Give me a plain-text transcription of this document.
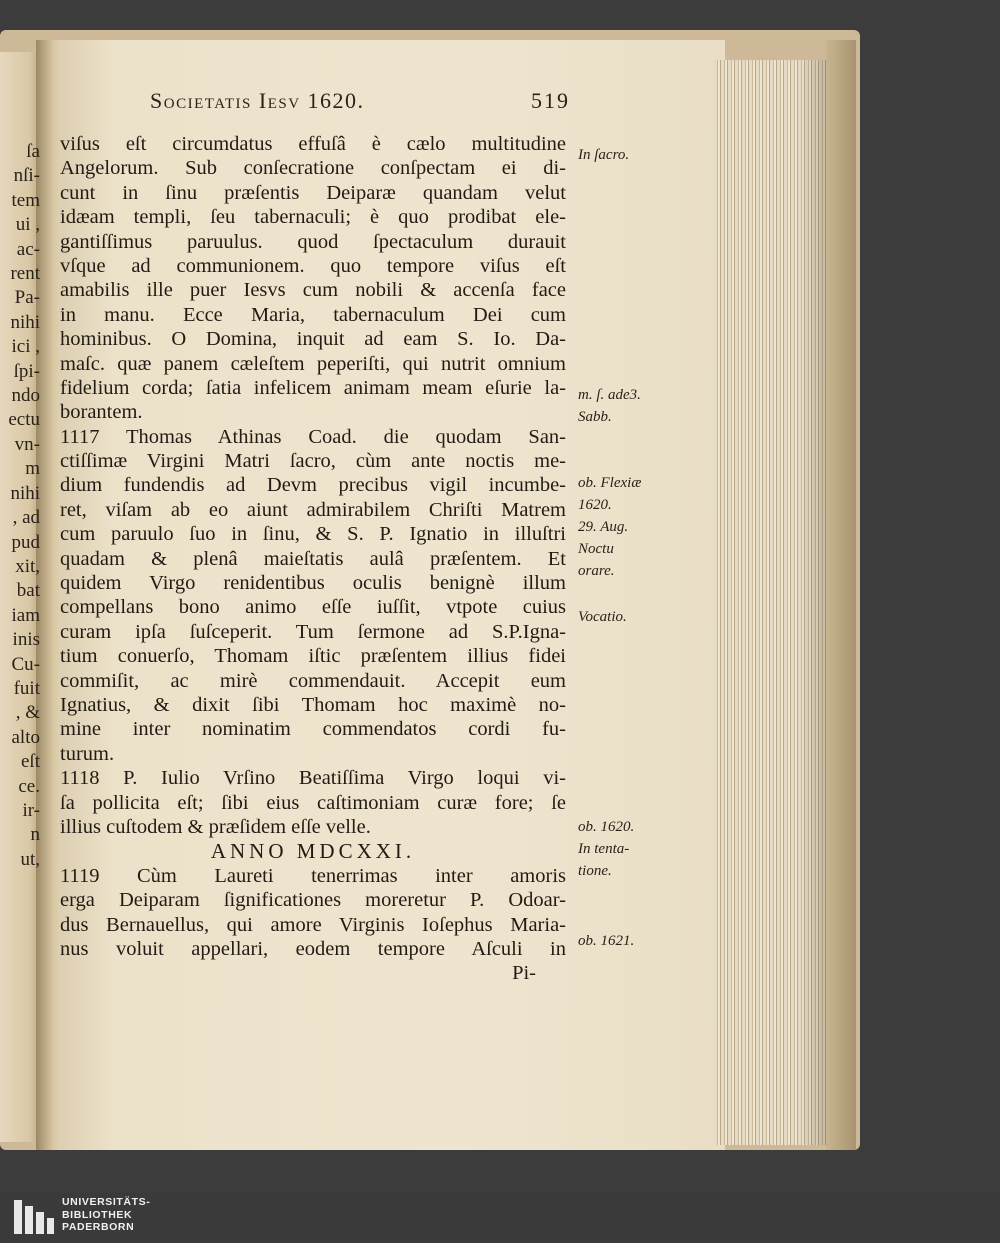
ſa
nſi-
tem
ui ,
ac-
rent
Pa-
nihi
ici ,
ſpi-
ndo
ectu
vn-
m
nihi
, ad
pud
xit,
bat
iam
inis
Cu-
fuit
, &
alto
eſt
ce.
ir-
n
ut,
Societatis Iesv 1620.	519
viſus eſt circumdatus effuſâ è cælo multitudine
Angelorum. Sub conſecratione conſpectam ei di-
cunt in ſinu præſentis Deiparæ quandam velut
idæam templi, ſeu tabernaculi; è quo prodibat ele-
gantiſſimus paruulus. quod ſpectaculum durauit
vſque ad communionem. quo tempore viſus eſt
amabilis ille puer Iesvs cum nobili & accenſa face
in manu. Ecce Maria, tabernaculum Dei cum
hominibus. O Domina, inquit ad eam S. Io. Da-
maſc. quæ panem cæleſtem peperiſti, qui nutrit omnium
fidelium corda; ſatia infelicem animam meam eſurie la-
borantem.
1117 Thomas Athinas Coad. die quodam San-
ctiſſimæ Virgini Matri ſacro, cùm ante noctis me-
dium fundendis ad Devm precibus vigil incumbe-
ret, viſam ab eo aiunt admirabilem Chriſti Matrem
cum paruulo ſuo in ſinu, & S. P. Ignatio in illuſtri
quadam & plenâ maieſtatis aulâ præſentem. Et
quidem Virgo renidentibus oculis benignè illum
compellans bono animo eſſe iuſſit, vtpote cuius
curam ipſa ſuſceperit. Tum ſermone ad S.P.Igna-
tium conuerſo, Thomam iſtic præſentem illius fidei
commiſit, ac mirè commendauit. Accepit eum
Ignatius, & dixit ſibi Thomam hoc maximè no-
mine inter nominatim commendatos cordi fu-
turum.
1118 P. Iulio Vrſino Beatiſſima Virgo loqui vi-
ſa pollicita eſt; ſibi eius caſtimoniam curæ fore; ſe
illius cuſtodem & præſidem eſſe velle.
ANNO MDCXXI.
1119 Cùm Laureti tenerrimas inter amoris
erga Deiparam ſignificationes moreretur P. Odoar-
dus Bernauellus, qui amore Virginis Ioſephus Maria-
nus voluit appellari, eodem tempore Aſculi in
Pi-
In ſacro.
m. ſ. ade3.
Sabb.
ob. Flexiæ
1620.
29. Aug.
Noctu
orare.
Vocatio.
ob. 1620.
In tenta-
tione.
ob. 1621.
UNIVERSITÄTS-
BIBLIOTHEK
PADERBORN
